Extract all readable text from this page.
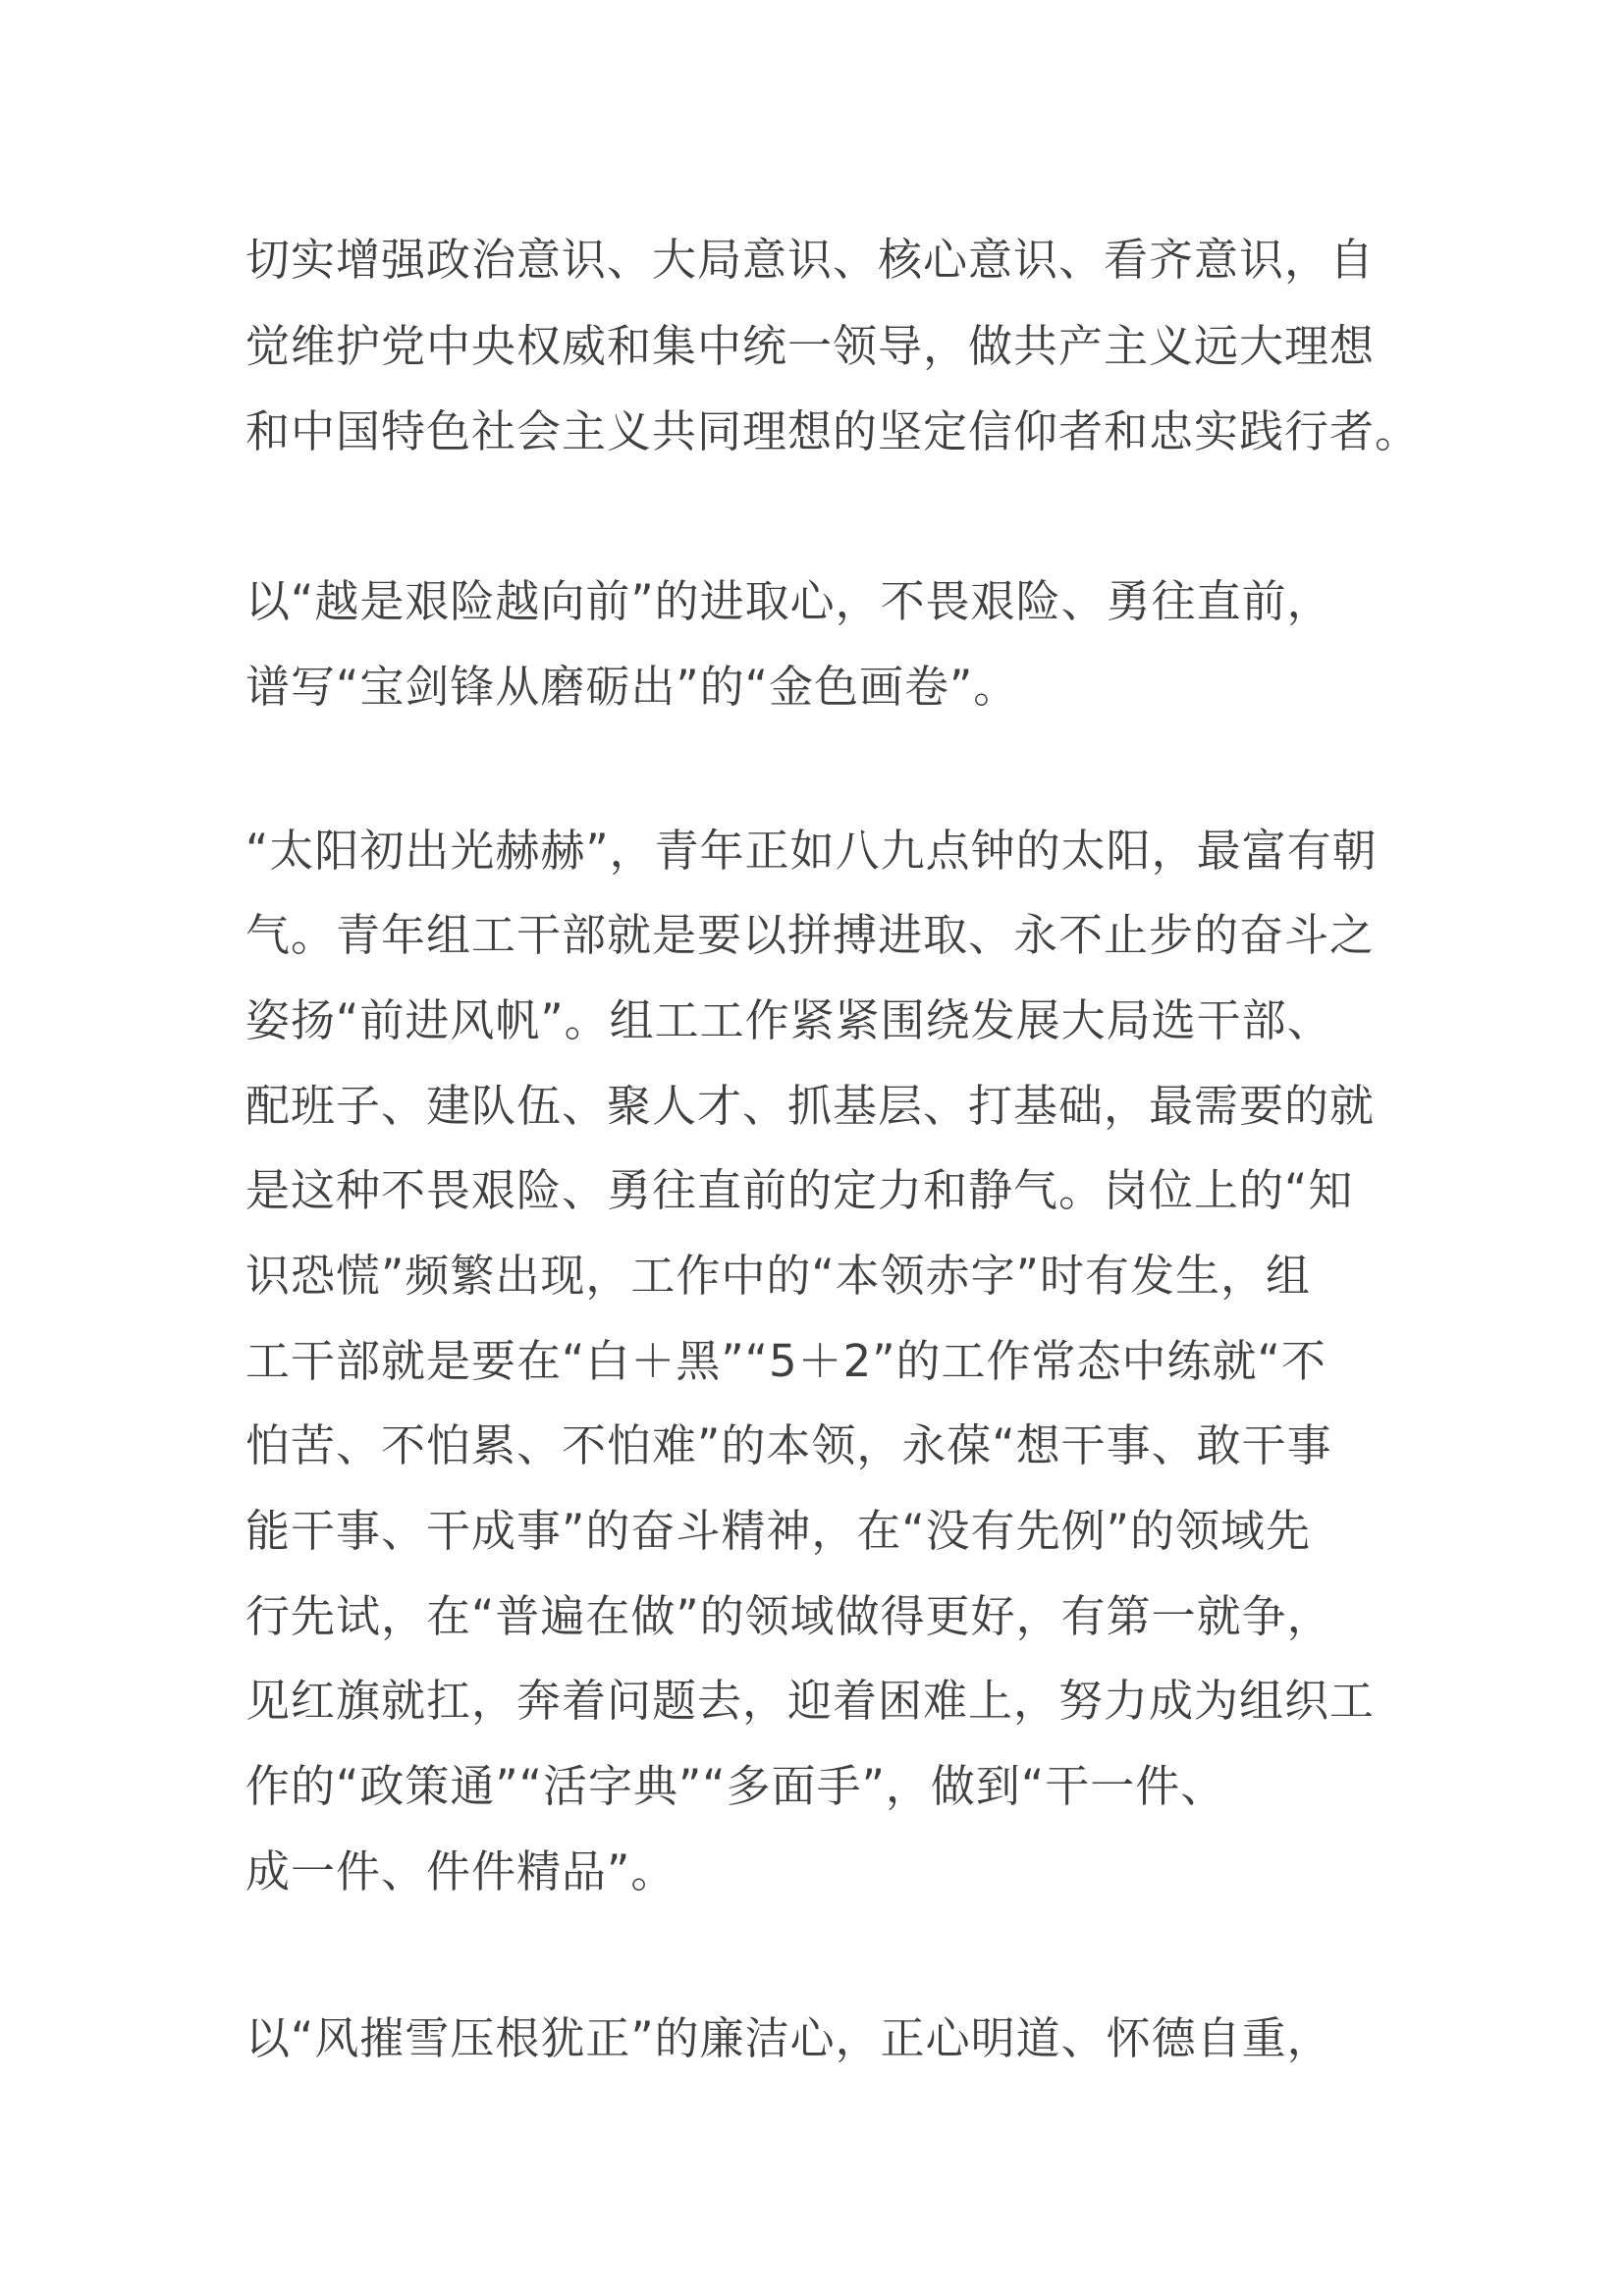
切实增强政治意识、大局意识、核心意识、看齐意识，自
觉维护党中央权威和集中统一领导，做共产主义远大理想
和中国特色社会主义共同理想的坚定信仰者和忠实践行者。
以“越是艰险越向前”的进取心，不畏艰险、勇往直前，
谱写“宝剑锋从磨砺出”的“金色画卷”。
“太阳初出光赫赫”，青年正如八九点钟的太阳，最富有朝
气。青年组工干部就是要以拼搏进取、永不止步的奋斗之
姿扬“前进风帆”。组工工作紧紧围绕发展大局选干部、
配班子、建队伍、聚人才、抓基层、打基础，最需要的就
是这种不畏艰险、勇往直前的定力和静气。岗位上的“知
识恐慌”频繁出现，工作中的“本领赤字”时有发生，组
工干部就是要在“白＋黑”“5＋2”的工作常态中练就“不
怕苦、不怕累、不怕难”的本领，永葆“想干事、敢干事
能干事、干成事”的奋斗精神，在“没有先例”的领域先
行先试，在“普遍在做”的领域做得更好，有第一就争，
见红旗就扛，奔着问题去，迎着困难上，努力成为组织工
作的“政策通”“活字典”“多面手”，做到“干一件、
成一件、件件精品”。
以“风摧雪压根犹正”的廉洁心，正心明道、怀德自重，
